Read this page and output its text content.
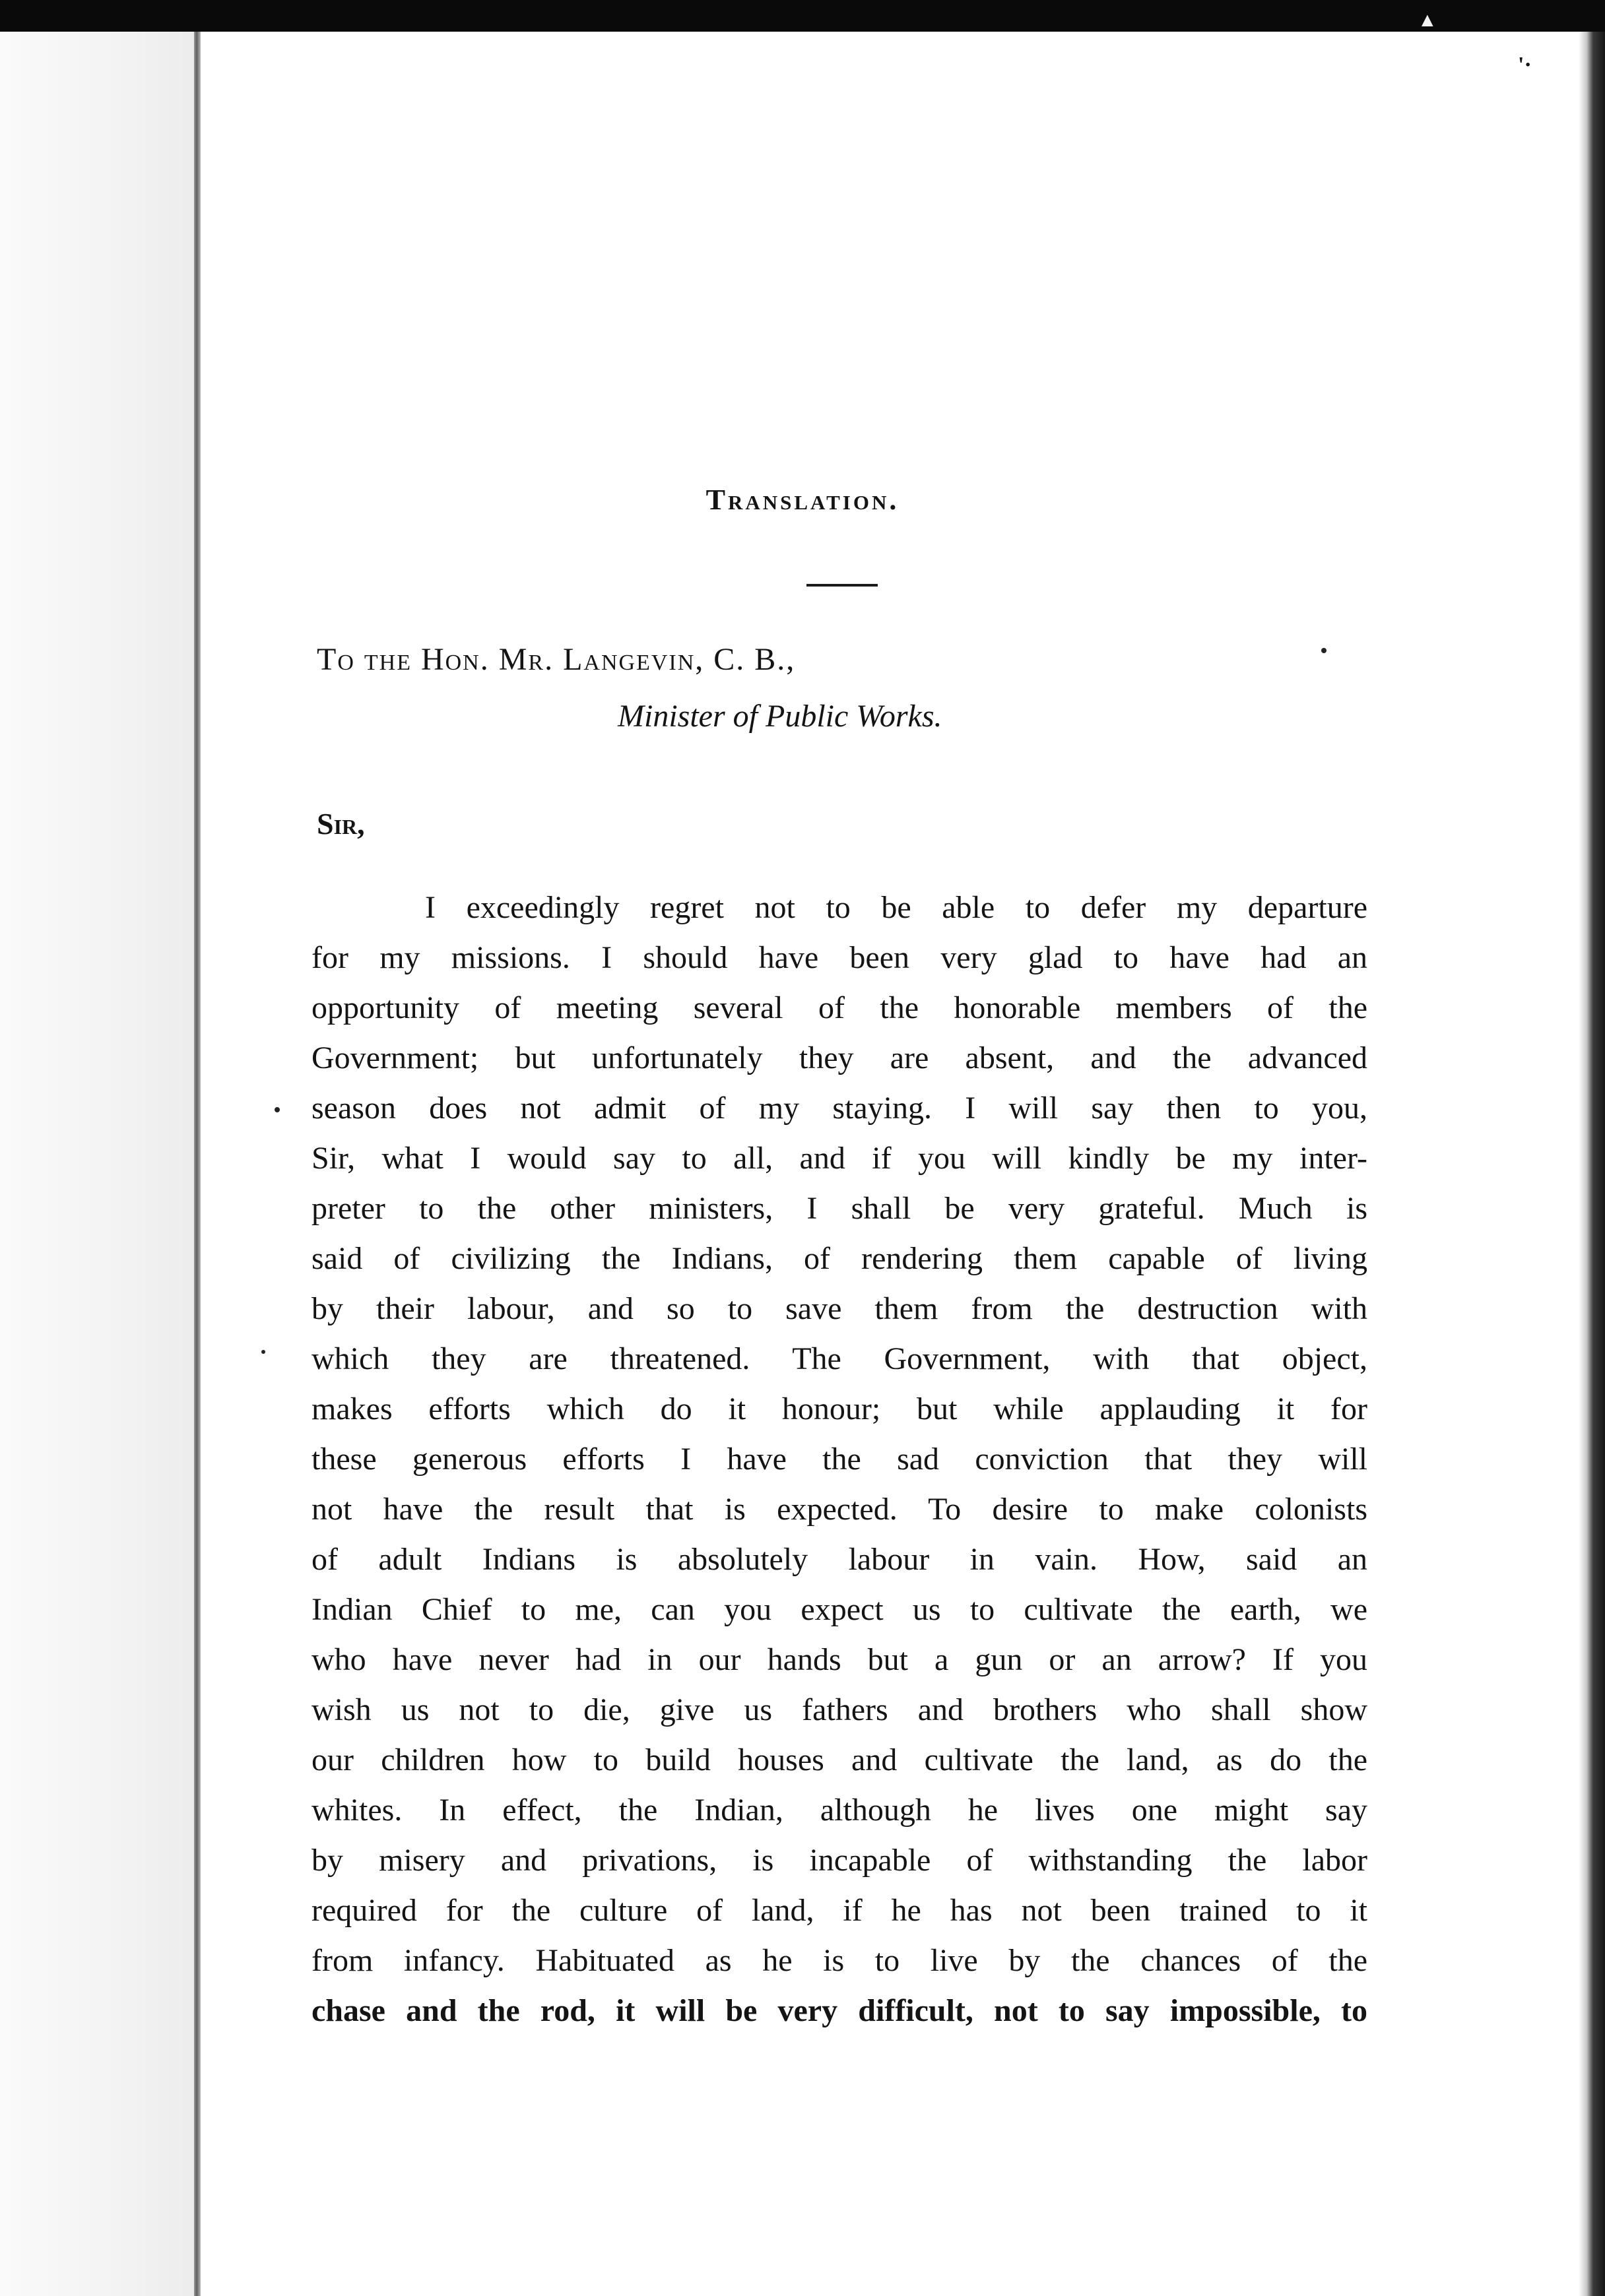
▲
'·
Translation.
To the Hon. Mr. Langevin, C. B.,
Minister of Public Works.
Sir,
I exceedingly regret not to be able to defer my departure
for my missions. I should have been very glad to have had an
opportunity of meeting several of the honorable members of the
Government; but unfortunately they are absent, and the advanced
season does not admit of my staying. I will say then to you,
Sir, what I would say to all, and if you will kindly be my inter-
preter to the other ministers, I shall be very grateful. Much is
said of civilizing the Indians, of rendering them capable of living
by their labour, and so to save them from the destruction with
which they are threatened. The Government, with that object,
makes efforts which do it honour; but while applauding it for
these generous efforts I have the sad conviction that they will
not have the result that is expected. To desire to make colonists
of adult Indians is absolutely labour in vain. How, said an
Indian Chief to me, can you expect us to cultivate the earth, we
who have never had in our hands but a gun or an arrow? If you
wish us not to die, give us fathers and brothers who shall show
our children how to build houses and cultivate the land, as do the
whites. In effect, the Indian, although he lives one might say
by misery and privations, is incapable of withstanding the labor
required for the culture of land, if he has not been trained to it
from infancy. Habituated as he is to live by the chances of the
chase and the rod, it will be very difficult, not to say impossible, to
